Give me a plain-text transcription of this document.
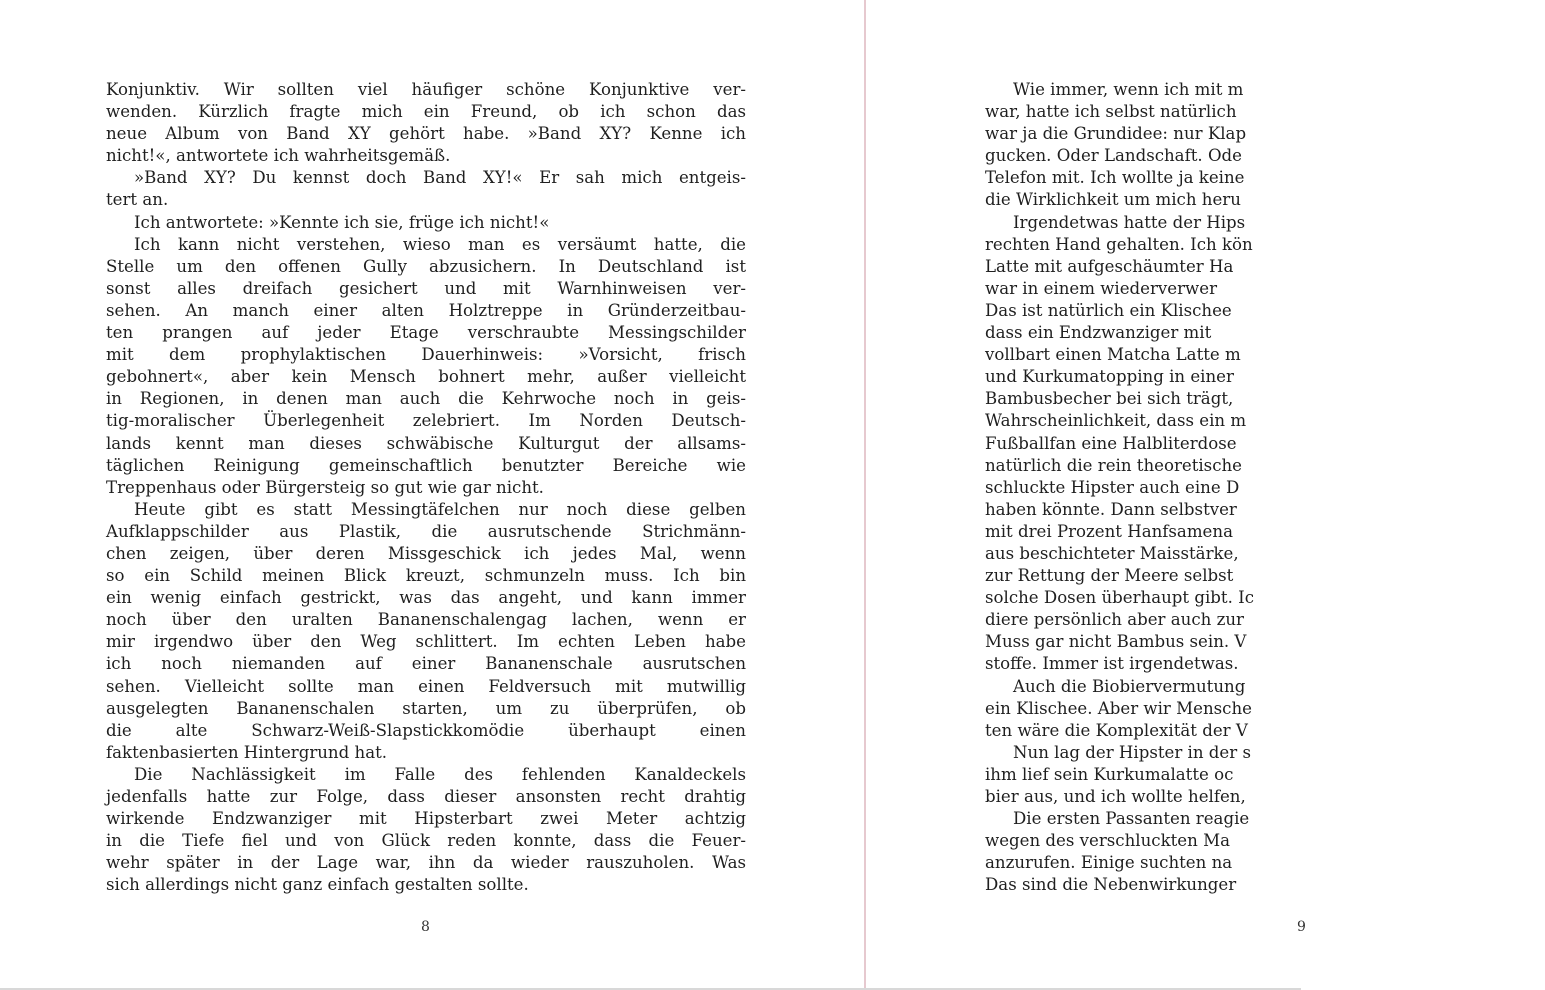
Konjunktiv. Wir sollten viel häufiger schöne Konjunktive ver-
wenden. Kürzlich fragte mich ein Freund, ob ich schon das
neue Album von Band XY gehört habe. »Band XY? Kenne ich
nicht!«, antwortete ich wahrheitsgemäß.
»Band XY? Du kennst doch Band XY!« Er sah mich entgeis-
tert an.
Ich antwortete: »Kennte ich sie, früge ich nicht!«
Ich kann nicht verstehen, wieso man es versäumt hatte, die
Stelle um den offenen Gully abzusichern. In Deutschland ist
sonst alles dreifach gesichert und mit Warnhinweisen ver-
sehen. An manch einer alten Holztreppe in Gründerzeitbau-
ten prangen auf jeder Etage verschraubte Messingschilder
mit dem prophylaktischen Dauerhinweis: »Vorsicht, frisch
gebohnert«, aber kein Mensch bohnert mehr, außer vielleicht
in Regionen, in denen man auch die Kehrwoche noch in geis-
tig-moralischer Überlegenheit zelebriert. Im Norden Deutsch-
lands kennt man dieses schwäbische Kulturgut der allsams-
täglichen Reinigung gemeinschaftlich benutzter Bereiche wie
Treppenhaus oder Bürgersteig so gut wie gar nicht.
Heute gibt es statt Messingtäfelchen nur noch diese gelben
Aufklappschilder aus Plastik, die ausrutschende Strichmänn-
chen zeigen, über deren Missgeschick ich jedes Mal, wenn
so ein Schild meinen Blick kreuzt, schmunzeln muss. Ich bin
ein wenig einfach gestrickt, was das angeht, und kann immer
noch über den uralten Bananenschalengag lachen, wenn er
mir irgendwo über den Weg schlittert. Im echten Leben habe
ich noch niemanden auf einer Bananenschale ausrutschen
sehen. Vielleicht sollte man einen Feldversuch mit mutwillig
ausgelegten Bananenschalen starten, um zu überprüfen, ob
die alte Schwarz-Weiß-Slapstickkomödie überhaupt einen
faktenbasierten Hintergrund hat.
Die Nachlässigkeit im Falle des fehlenden Kanaldeckels
jedenfalls hatte zur Folge, dass dieser ansonsten recht drahtig
wirkende Endzwanziger mit Hipsterbart zwei Meter achtzig
in die Tiefe fiel und von Glück reden konnte, dass die Feuer-
wehr später in der Lage war, ihn da wieder rauszuholen. Was
sich allerdings nicht ganz einfach gestalten sollte.
8
Wie immer, wenn ich mit m
war, hatte ich selbst natürlich
war ja die Grundidee: nur Klap
gucken. Oder Landschaft. Ode
Telefon mit. Ich wollte ja keine
die Wirklichkeit um mich heru
Irgendetwas hatte der Hips
rechten Hand gehalten. Ich kön
Latte mit aufgeschäumter Ha
war in einem wiederverwer
Das ist natürlich ein Klischee
dass ein Endzwanziger mit
vollbart einen Matcha Latte m
und Kurkumatopping in einer
Bambusbecher bei sich trägt,
Wahrscheinlichkeit, dass ein m
Fußballfan eine Halbliterdose
natürlich die rein theoretische
schluckte Hipster auch eine D
haben könnte. Dann selbstver
mit drei Prozent Hanfsamena
aus beschichteter Maisstärke,
zur Rettung der Meere selbst
solche Dosen überhaupt gibt. Ic
diere persönlich aber auch zur
Muss gar nicht Bambus sein. V
stoffe. Immer ist irgendetwas.
Auch die Biobiervermutung
ein Klischee. Aber wir Mensche
ten wäre die Komplexität der V
Nun lag der Hipster in der s
ihm lief sein Kurkumalatte oc
bier aus, und ich wollte helfen,
Die ersten Passanten reagie
wegen des verschluckten Ma
anzurufen. Einige suchten na
Das sind die Nebenwirkunger
9
